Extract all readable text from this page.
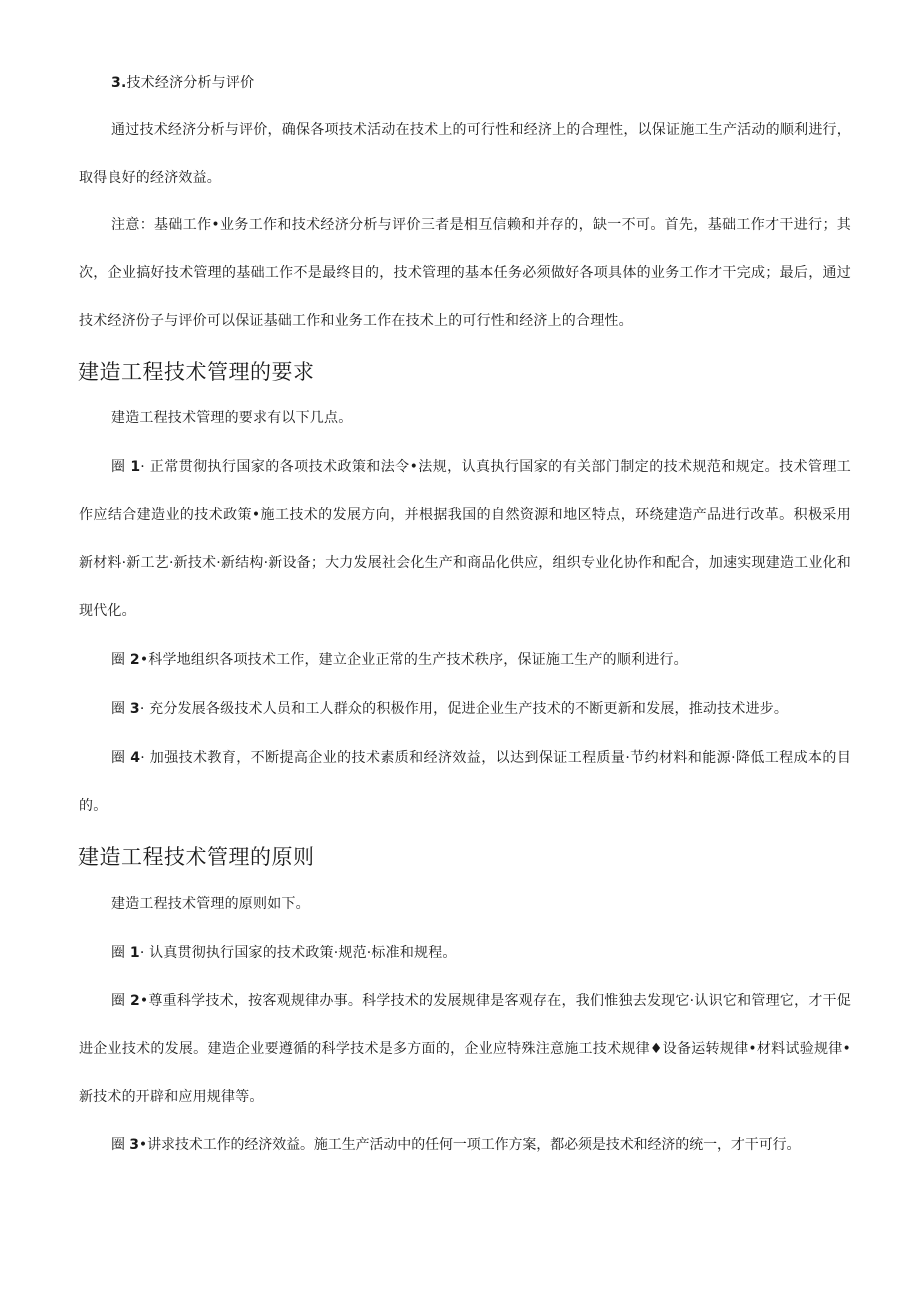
3.技术经济分析与评价

通过技术经济分析与评价，确保各项技术活动在技术上的可行性和经济上的合理性，以保证施工生产活动的顺利进行，取得良好的经济效益。

注意：基础工作•业务工作和技术经济分析与评价三者是相互信赖和并存的，缺一不可。首先，基础工作才干进行；其次，企业搞好技术管理的基础工作不是最终目的，技术管理的基本任务必须做好各项具体的业务工作才干完成；最后，通过技术经济份子与评价可以保证基础工作和业务工作在技术上的可行性和经济上的合理性。

建造工程技术管理的要求

建造工程技术管理的要求有以下几点。

圈 1· 正常贯彻执行国家的各项技术政策和法令•法规，认真执行国家的有关部门制定的技术规范和规定。技术管理工作应结合建造业的技术政策•施工技术的发展方向，并根据我国的自然资源和地区特点，环绕建造产品进行改革。积极采用新材料·新工艺·新技术·新结构·新设备；大力发展社会化生产和商品化供应，组织专业化协作和配合，加速实现建造工业化和现代化。

圈 2•科学地组织各项技术工作，建立企业正常的生产技术秩序，保证施工生产的顺利进行。

圈 3· 充分发展各级技术人员和工人群众的积极作用，促进企业生产技术的不断更新和发展，推动技术进步。

圈 4· 加强技术教育，不断提高企业的技术素质和经济效益，以达到保证工程质量·节约材料和能源·降低工程成本的目的。

建造工程技术管理的原则

建造工程技术管理的原则如下。

圈 1· 认真贯彻执行国家的技术政策·规范·标准和规程。

圈 2•尊重科学技术，按客观规律办事。科学技术的发展规律是客观存在，我们惟独去发现它·认识它和管理它，才干促进企业技术的发展。建造企业要遵循的科学技术是多方面的，企业应特殊注意施工技术规律♦设备运转规律•材料试验规律•新技术的开辟和应用规律等。

圈 3•讲求技术工作的经济效益。施工生产活动中的任何一项工作方案，都必须是技术和经济的统一，才干可行。
